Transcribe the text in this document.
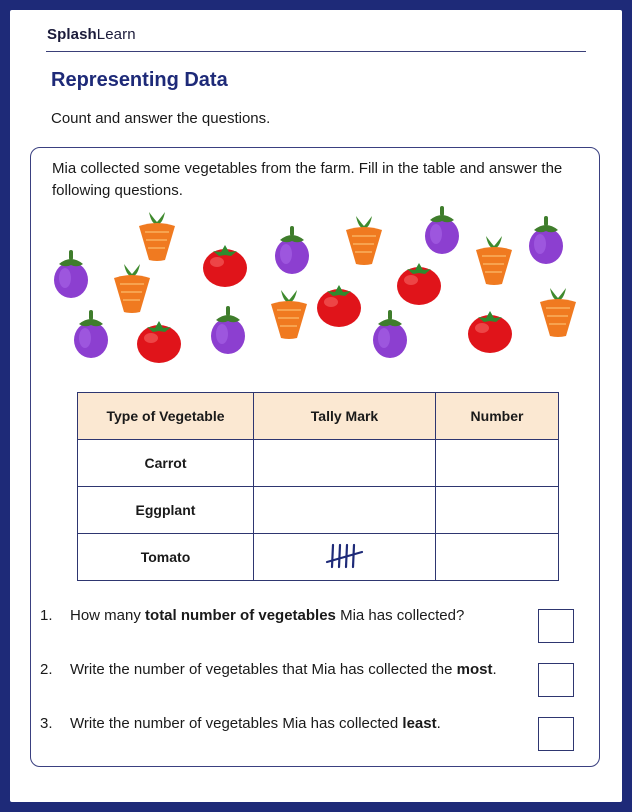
SplashLearn
Representing Data
Count and answer the questions.
Mia collected some vegetables from the farm. Fill in the table and answer the following questions.
Type of Vegetable	Tally Mark	Number
Carrot		
Eggplant		
Tomato		
1. How many total number of vegetables Mia has collected?
2. Write the number of vegetables that Mia has collected the most.
3. Write the number of vegetables Mia has collected least.
